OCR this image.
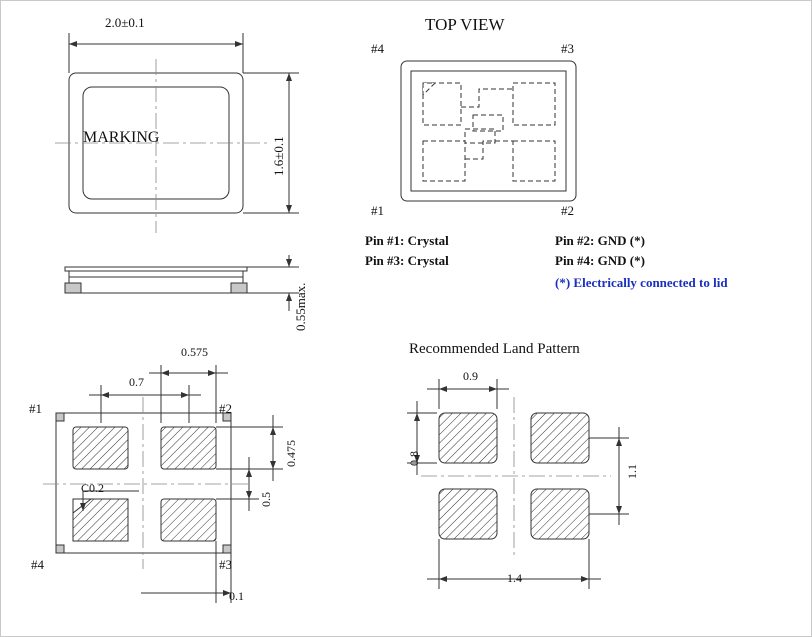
2.0±0.1
1.6±0.1
MARKING
0.55max.
0.575
0.7
0.475
0.5
0.1
C0.2
#1	#2
#3
#4
TOP VIEW
#4	#3
#1	#2
Pin #1: Crystal	Pin #2: GND (*)
Pin #3: Crystal	Pin #4: GND (*)
(*) Electrically connected to lid
Recommended Land Pattern
0.9
0.8
1.1
1.4
